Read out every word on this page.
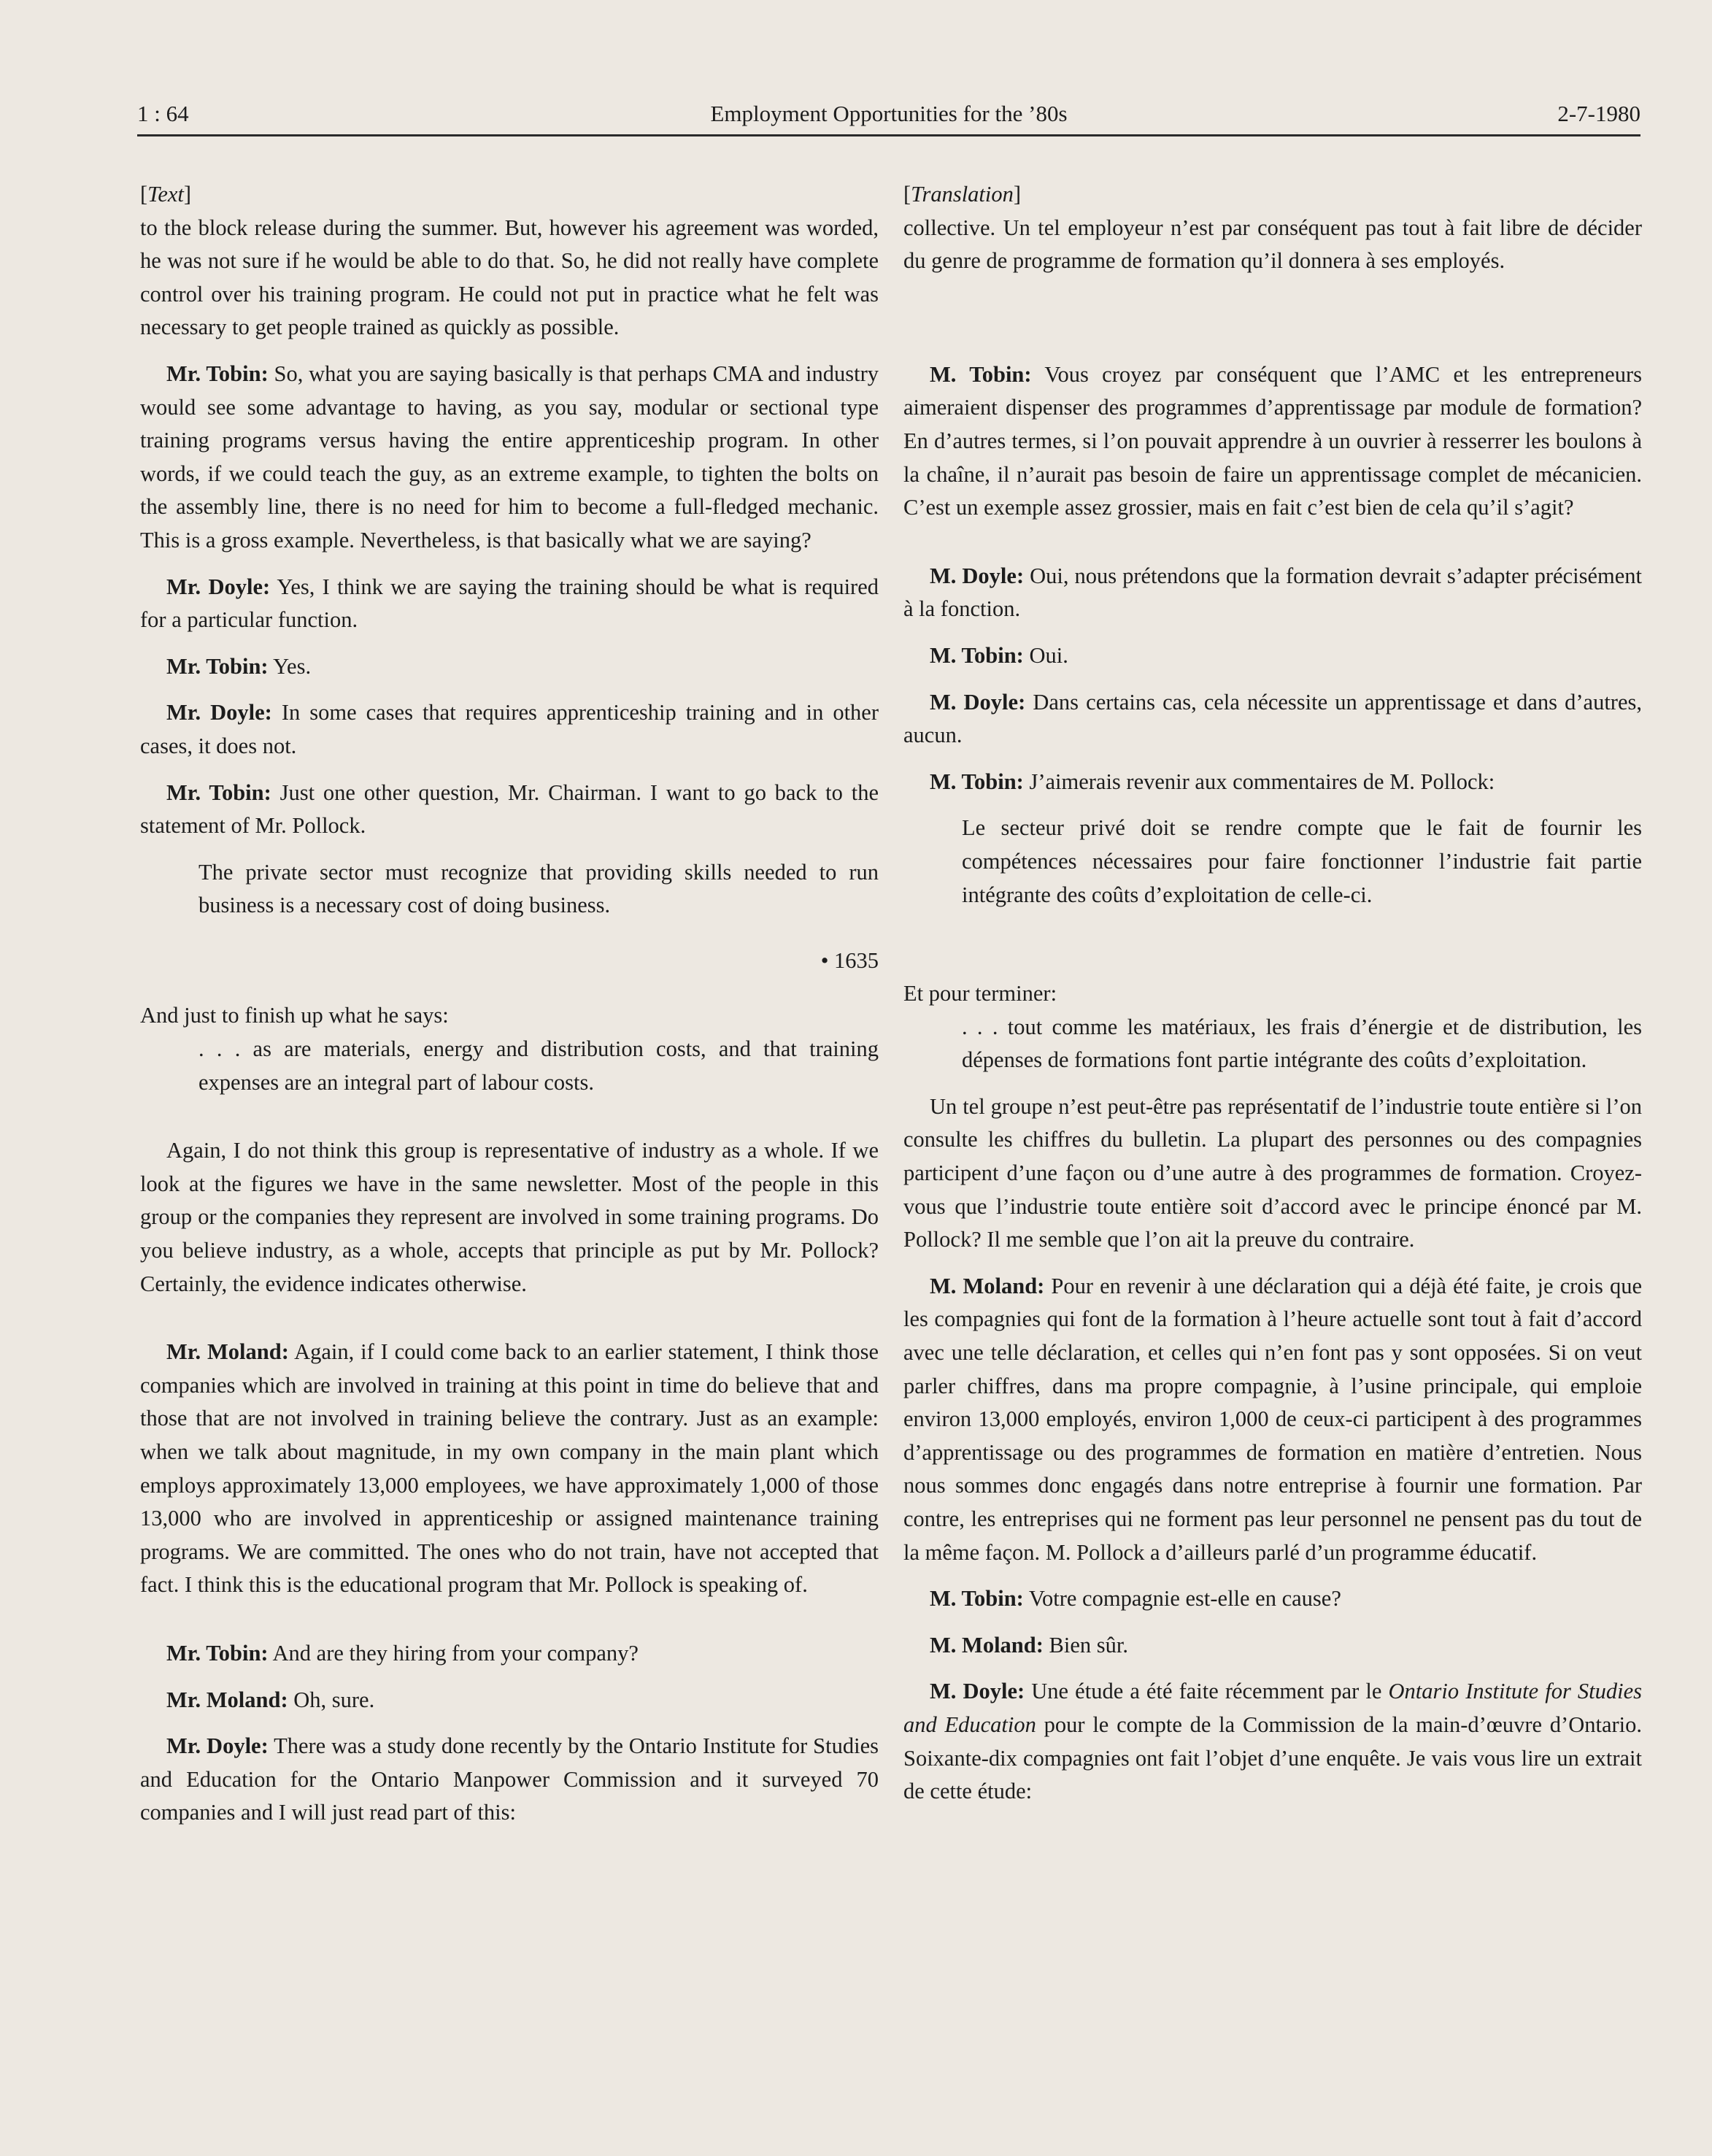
1 : 64	Employment Opportunities for the ’80s	2-7-1980

[Text]

to the block release during the summer. But, however his agreement was worded, he was not sure if he would be able to do that. So, he did not really have complete control over his training program. He could not put in practice what he felt was necessary to get people trained as quickly as possible.

Mr. Tobin: So, what you are saying basically is that perhaps CMA and industry would see some advantage to having, as you say, modular or sectional type training programs versus having the entire apprenticeship program. In other words, if we could teach the guy, as an extreme example, to tighten the bolts on the assembly line, there is no need for him to become a full-fledged mechanic. This is a gross example. Nevertheless, is that basically what we are saying?

Mr. Doyle: Yes, I think we are saying the training should be what is required for a particular function.

Mr. Tobin: Yes.

Mr. Doyle: In some cases that requires apprenticeship training and in other cases, it does not.

Mr. Tobin: Just one other question, Mr. Chairman. I want to go back to the statement of Mr. Pollock.

The private sector must recognize that providing skills needed to run business is a necessary cost of doing business.

• 1635

And just to finish up what he says:

. . . as are materials, energy and distribution costs, and that training expenses are an integral part of labour costs.

Again, I do not think this group is representative of industry as a whole. If we look at the figures we have in the same newsletter. Most of the people in this group or the companies they represent are involved in some training programs. Do you believe industry, as a whole, accepts that principle as put by Mr. Pollock? Certainly, the evidence indicates otherwise.

Mr. Moland: Again, if I could come back to an earlier statement, I think those companies which are involved in training at this point in time do believe that and those that are not involved in training believe the contrary. Just as an example: when we talk about magnitude, in my own company in the main plant which employs approximately 13,000 employees, we have approximately 1,000 of those 13,000 who are involved in apprenticeship or assigned maintenance training programs. We are committed. The ones who do not train, have not accepted that fact. I think this is the educational program that Mr. Pollock is speaking of.

Mr. Tobin: And are they hiring from your company?

Mr. Moland: Oh, sure.

Mr. Doyle: There was a study done recently by the Ontario Institute for Studies and Education for the Ontario Manpower Commission and it surveyed 70 companies and I will just read part of this:

[Translation]

collective. Un tel employeur n’est par conséquent pas tout à fait libre de décider du genre de programme de formation qu’il donnera à ses employés.

M. Tobin: Vous croyez par conséquent que l’AMC et les entrepreneurs aimeraient dispenser des programmes d’apprentissage par module de formation? En d’autres termes, si l’on pouvait apprendre à un ouvrier à resserrer les boulons à la chaîne, il n’aurait pas besoin de faire un apprentissage complet de mécanicien. C’est un exemple assez grossier, mais en fait c’est bien de cela qu’il s’agit?

M. Doyle: Oui, nous prétendons que la formation devrait s’adapter précisément à la fonction.

M. Tobin: Oui.

M. Doyle: Dans certains cas, cela nécessite un apprentissage et dans d’autres, aucun.

M. Tobin: J’aimerais revenir aux commentaires de M. Pollock:

Le secteur privé doit se rendre compte que le fait de fournir les compétences nécessaires pour faire fonctionner l’industrie fait partie intégrante des coûts d’exploitation de celle-ci.

Et pour terminer:

. . . tout comme les matériaux, les frais d’énergie et de distribution, les dépenses de formations font partie intégrante des coûts d’exploitation.

Un tel groupe n’est peut-être pas représentatif de l’industrie toute entière si l’on consulte les chiffres du bulletin. La plupart des personnes ou des compagnies participent d’une façon ou d’une autre à des programmes de formation. Croyez-vous que l’industrie toute entière soit d’accord avec le principe énoncé par M. Pollock? Il me semble que l’on ait la preuve du contraire.

M. Moland: Pour en revenir à une déclaration qui a déjà été faite, je crois que les compagnies qui font de la formation à l’heure actuelle sont tout à fait d’accord avec une telle déclaration, et celles qui n’en font pas y sont opposées. Si on veut parler chiffres, dans ma propre compagnie, à l’usine principale, qui emploie environ 13,000 employés, environ 1,000 de ceux-ci participent à des programmes d’apprentissage ou des programmes de formation en matière d’entretien. Nous nous sommes donc engagés dans notre entreprise à fournir une formation. Par contre, les entreprises qui ne forment pas leur personnel ne pensent pas du tout de la même façon. M. Pollock a d’ailleurs parlé d’un programme éducatif.

M. Tobin: Votre compagnie est-elle en cause?

M. Moland: Bien sûr.

M. Doyle: Une étude a été faite récemment par le Ontario Institute for Studies and Education pour le compte de la Commission de la main-d’œuvre d’Ontario. Soixante-dix compagnies ont fait l’objet d’une enquête. Je vais vous lire un extrait de cette étude:
